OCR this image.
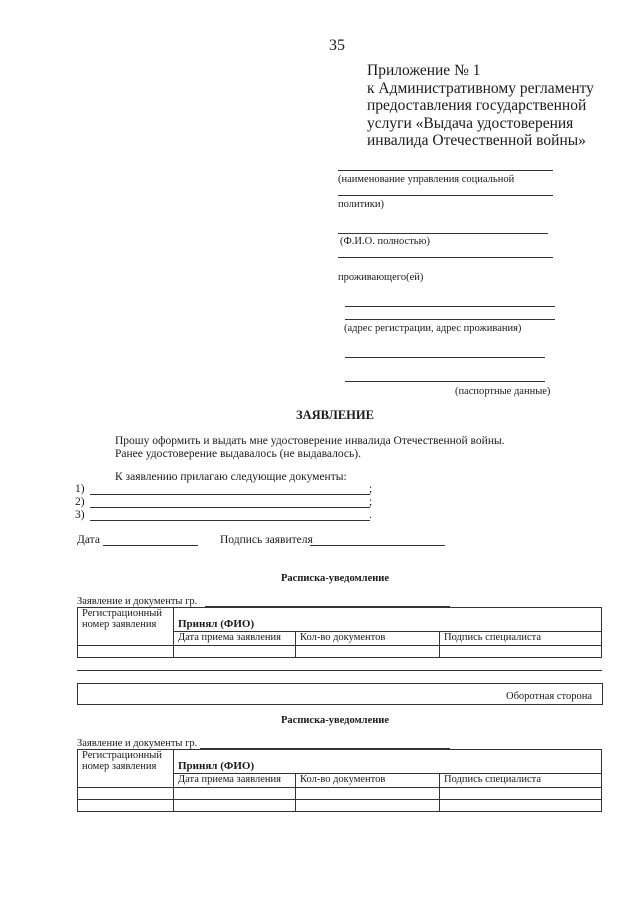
35
Приложение № 1
к Административному регламенту
предоставления государственной
услуги «Выдача удостоверения
инвалида Отечественной войны»
(наименование управления социальной
политики)
(Ф.И.О. полностью)
проживающего(ей)
(адрес регистрации, адрес проживания)
(паспортные данные)
ЗАЯВЛЕНИЕ
Прошу оформить и выдать мне удостоверение инвалида Отечественной войны.
Ранее удостоверение выдавалось (не выдавалось).
К заявлению прилагаю следующие документы:
1)	;
2)	;
3)	.
Дата	Подпись заявителя
Расписка-уведомление
Заявление и документы гр.
Регистрационный
номер заявления	Принял (ФИО)		
	Дата приема заявления	Кол-во документов	Подпись специалиста

Оборотная сторона
Расписка-уведомление
Заявление и документы гр.
Регистрационный
номер заявления	Принял (ФИО)		
	Дата приема заявления	Кол-во документов	Подпись специалиста
